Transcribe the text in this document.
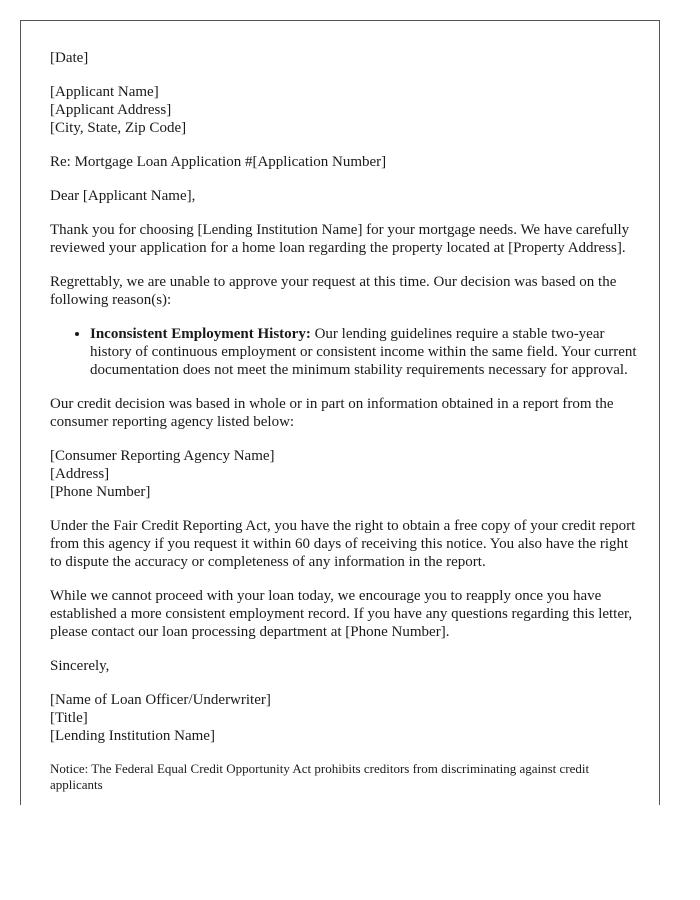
[Date]
[Applicant Name]
[Applicant Address]
[City, State, Zip Code]

Re: Mortgage Loan Application #[Application Number]

Dear [Applicant Name],

Thank you for choosing [Lending Institution Name] for your mortgage needs. We have carefully reviewed your application for a home loan regarding the property located at [Property Address].

Regrettably, we are unable to approve your request at this time. Our decision was based on the following reason(s):

• Inconsistent Employment History: Our lending guidelines require a stable two-year history of continuous employment or consistent income within the same field. Your current documentation does not meet the minimum stability requirements necessary for approval.

Our credit decision was based in whole or in part on information obtained in a report from the consumer reporting agency listed below:

[Consumer Reporting Agency Name]
[Address]
[Phone Number]

Under the Fair Credit Reporting Act, you have the right to obtain a free copy of your credit report from this agency if you request it within 60 days of receiving this notice. You also have the right to dispute the accuracy or completeness of any information in the report.

While we cannot proceed with your loan today, we encourage you to reapply once you have established a more consistent employment record. If you have any questions regarding this letter, please contact our loan processing department at [Phone Number].

Sincerely,

[Name of Loan Officer/Underwriter]
[Title]
[Lending Institution Name]

Notice: The Federal Equal Credit Opportunity Act prohibits creditors from discriminating against credit applicants
